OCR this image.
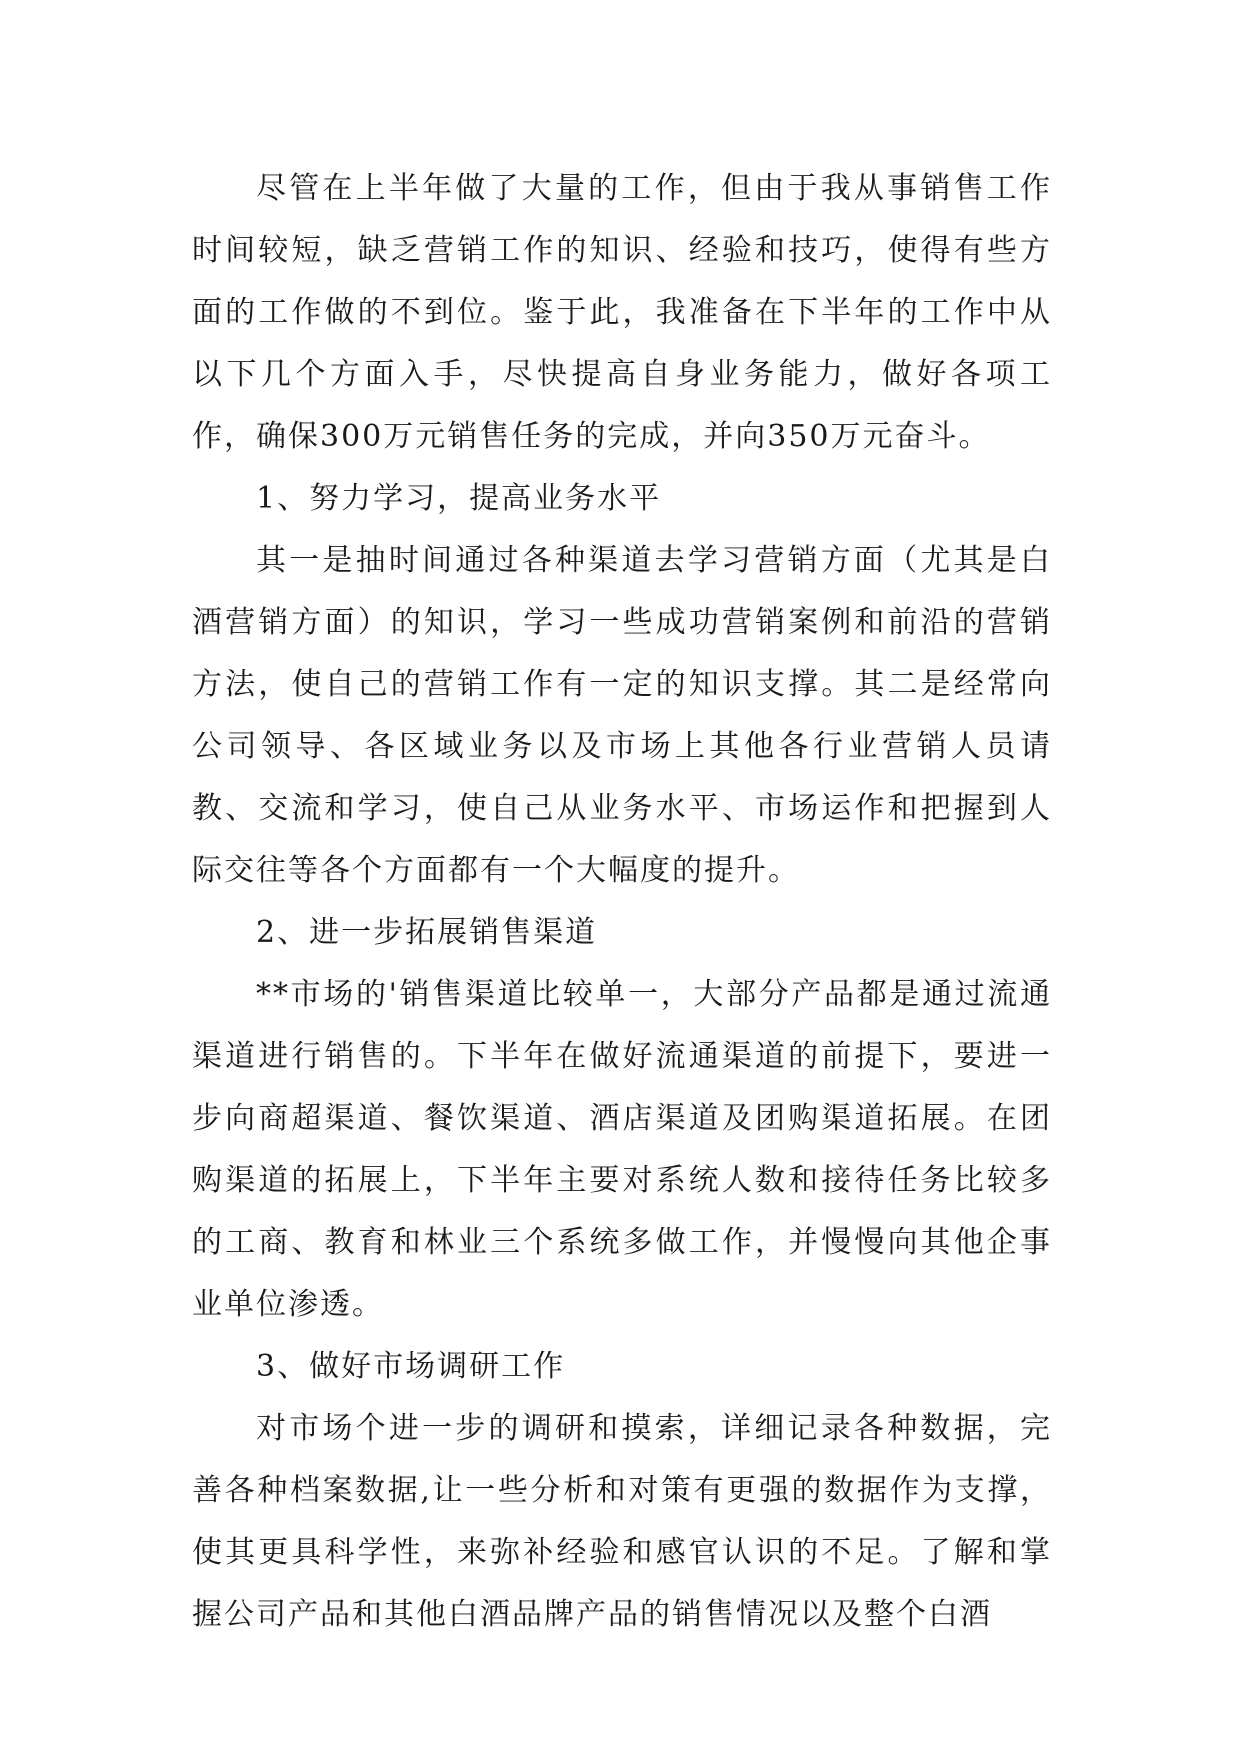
尽管在上半年做了大量的工作，但由于我从事销售工作时间较短，缺乏营销工作的知识、经验和技巧，使得有些方面的工作做的不到位。鉴于此，我准备在下半年的工作中从以下几个方面入手，尽快提高自身业务能力，做好各项工作，确保300万元销售任务的完成，并向350万元奋斗。

1、努力学习，提高业务水平

其一是抽时间通过各种渠道去学习营销方面（尤其是白酒营销方面）的知识，学习一些成功营销案例和前沿的营销方法，使自己的营销工作有一定的知识支撑。其二是经常向公司领导、各区域业务以及市场上其他各行业营销人员请教、交流和学习，使自己从业务水平、市场运作和把握到人际交往等各个方面都有一个大幅度的提升。

2、进一步拓展销售渠道

**市场的'销售渠道比较单一，大部分产品都是通过流通渠道进行销售的。下半年在做好流通渠道的前提下，要进一步向商超渠道、餐饮渠道、酒店渠道及团购渠道拓展。在团购渠道的拓展上，下半年主要对系统人数和接待任务比较多的工商、教育和林业三个系统多做工作，并慢慢向其他企事业单位渗透。

3、做好市场调研工作

对市场个进一步的调研和摸索，详细记录各种数据，完善各种档案数据,让一些分析和对策有更强的数据作为支撑，使其更具科学性，来弥补经验和感官认识的不足。了解和掌握公司产品和其他白酒品牌产品的销售情况以及整个白酒
